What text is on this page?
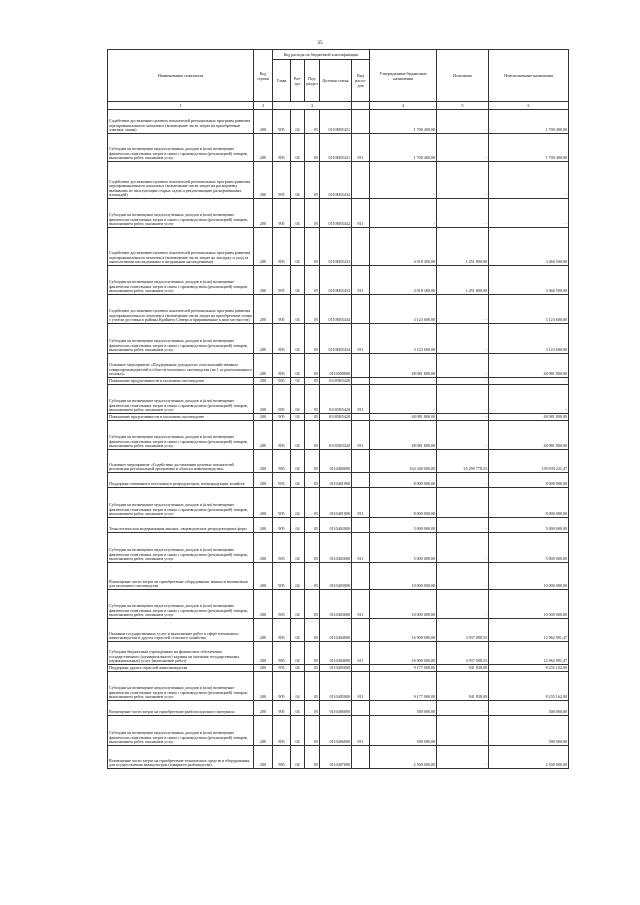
35
Наименование показателя	Код строки	Код расхода по бюджетной классификации					Утвержденные бюджетные назначения	Исполнено	Неисполненные назначения
		Глава	Раз-дел	Под-раздел	Целевая статья	Вид расхо-дов			
1	2	3					4	5	6
Содействие достижению целевых показателей региональных программ развития агропромышленного комплекса (возмещение части затрат на приобретение элитных семян)	200	905	04	05	0110ЕR5431		1 700 400,00	-	1 700 400,00
Субсидии на возмещение недополученных доходов и (или) возмещение фактически понесенных затрат в связи с производством (реализацией) товаров, выполнением работ, оказанием услуг	200	905	04	05	0110ЕR5431	811	1 700 400,00	-	1 700 400,00
Содействие достижению целевых показателей региональных программ развития агропромышленного комплекса (возмещение части затрат на раскорчевку выбывших из эксплуатации старых садов и рекультивацию раскорчеванных площадей)	200	905	04	05	0110ЕR5432		-	-	-
Субсидии на возмещение недополученных доходов и (или) возмещение фактически понесенных затрат в связи с производством (реализацией) товаров, выполнением работ, оказанием услуг	200	905	04	05	0110ЕR5432	811	-	-	-
Содействие достижению целевых показателей региональных программ развития агропромышленного комплекса (возмещение части затрат на закладку и уход за многолетними насаждениями и ягодниками насаждениями)	200	905	04	05	0110ЕR5433		4 918 300,00	1 451 800,00	3 466 500,00
Субсидии на возмещение недополученных доходов и (или) возмещение фактически понесенных затрат в связи с производством (реализацией) товаров, выполнением работ, оказанием услуг	200	905	04	05	0110ЕR5433	811	4 918 300,00	1 451 800,00	3 466 500,00
Содействие достижению целевых показателей региональных программ развития агропромышленного комплекса (возмещение части затрат на приобретение семян с учетом доставки в районы Крайнего Севера и приравненные к ним местности)	200	905	04	05	0110ЕR5434		3 123 600,00	-	3 123 600,00
Субсидии на возмещение недополученных доходов и (или) возмещение фактически понесенных затрат в связи с производством (реализацией) товаров, выполнением работ, оказанием услуг	200	905	04	05	0110ЕR5434	811	3 123 600,00	-	3 123 600,00
Основное мероприятие «Поддержание доходности сельскохозяйственных товаропроизводителей в области молочного скотоводства (на 1 кг реализованного молока)»	200	905	04	05	0110500000		48 081 800,00	-	48 081 800,00
Повышение продуктивности в молочном скотоводстве	200	905	04	05	01105R5420		-	-	-
Субсидии на возмещение недополученных доходов и (или) возмещение фактически понесенных затрат в связи с производством (реализацией) товаров, выполнением работ, оказанием услуг	200	905	04	05	01105R5420	811	-	-	-
Повышение продуктивности в молочном скотоводстве	200	905	04	05	01105R5420		48 081 800,00	-	48 081 800,00
Субсидии на возмещение недополученных доходов и (или) возмещение фактически понесенных затрат в связи с производством (реализацией) товаров, выполнением работ, оказанием услуг	200	905	04	05	01105R5420	811	48 081 800,00	-	48 081 800,00
Основное мероприятие «Содействие достижению целевых показателей реализации региональной программы в области животноводства»	200	905	04	05	0110400000		164 340 000,00	25 290 778,53	139 039 221,47
Поддержка племенного поголовья и репродукторов, племпродукции хозяйств	200	905	04	05	0110401000		8 000 000,00	-	8 000 000,00
Субсидии на возмещение недополученных доходов и (или) возмещение фактически понесенных затрат в связи с производством (реализацией) товаров, выполнением работ, оказанием услуг	200	905	04	05	0110401000	811	8 000 000,00	-	8 000 000,00
Технологическая модернизация мясных, овцеводческих репродукторных ферм	200	905	04	05	0110402000		5 000 000,00	-	5 000 000,00
Субсидии на возмещение недополученных доходов и (или) возмещение фактически понесенных затрат в связи с производством (реализацией) товаров, выполнением работ, оказанием услуг	200	905	04	05	0110402000	811	5 000 000,00	-	5 000 000,00
Возмещение части затрат на приобретение оборудования, машин и механизмов для молочного скотоводства	200	905	04	05	0110403000		10 000 000,00	-	10 000 000,00
Субсидии на возмещение недополученных доходов и (или) возмещение фактически понесенных затрат в связи с производством (реализацией) товаров, выполнением работ, оказанием услуг	200	905	04	05	0110403000	811	10 000 000,00	-	10 000 000,00
Оказание государственных услуг и выполнение работ в сфере племенного животноводства и других отраслей сельского хозяйства	200	905	04	05	0110404000		16 900 000,00	3 937 008,53	12 962 991,47
Субсидии бюджетным учреждениям на финансовое обеспечение государственного (муниципального) задания на оказание государственных (муниципальных) услуг (выполнение работ)	200	905	04	05	0110404000	611	16 900 000,00	3 937 008,53	12 962 991,47
Поддержка других отраслей животноводства	200	905	04	05	0110405000		9 177 000,00	941 838,00	8 235 162,00
Субсидии на возмещение недополученных доходов и (или) возмещение фактически понесенных затрат в связи с производством (реализацией) товаров, выполнением работ, оказанием услуг	200	905	04	05	0110405000	811	9 177 000,00	941 838,00	8 235 162,00
Возмещение части затрат на приобретение рыбопосадочного материала	200	905	04	05	0110406000		500 000,00	-	500 000,00
Субсидии на возмещение недополученных доходов и (или) возмещение фактически понесенных затрат в связи с производством (реализацией) товаров, выполнением работ, оказанием услуг	200	905	04	05	0110406000	811	500 000,00	-	500 000,00
Возмещение части затрат на приобретение технических средств и оборудования для осуществления аквакультуры (товарного рыбоводства)	200	905	04	05	0110407000		2 500 000,00	-	2 500 000,00
